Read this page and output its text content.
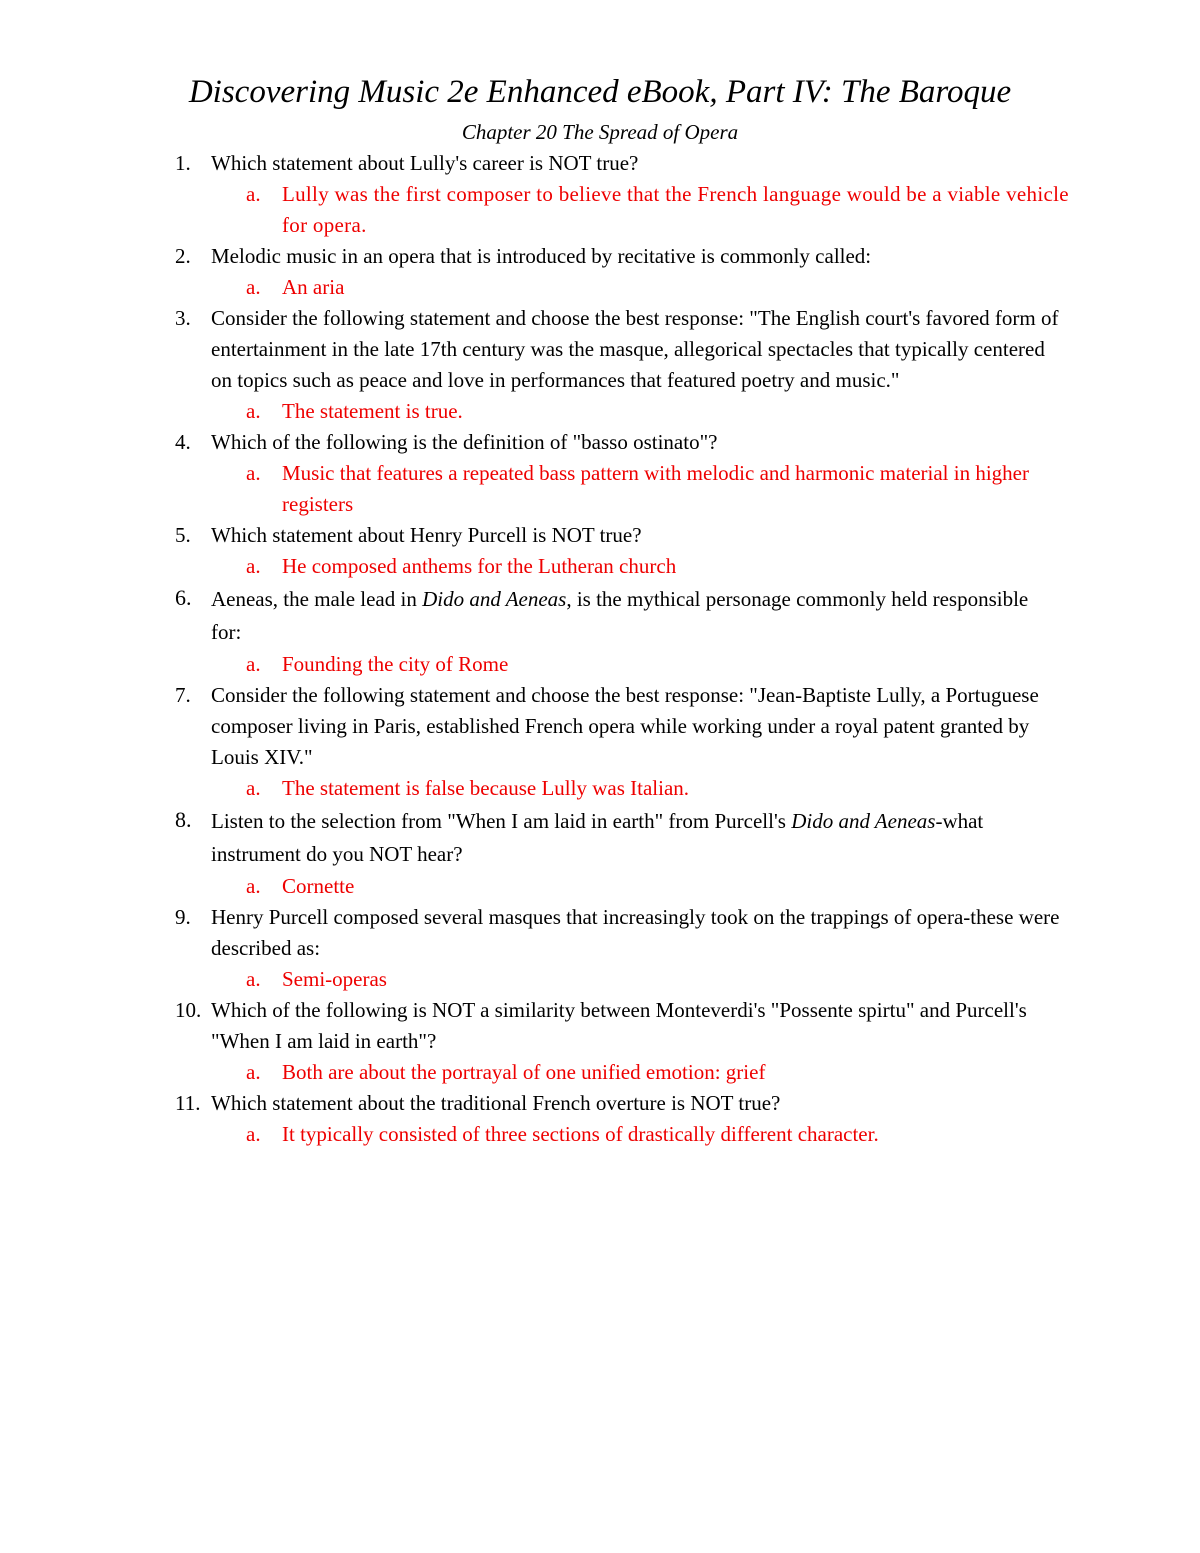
Discovering Music 2e Enhanced eBook, Part IV: The Baroque
Chapter 20 The Spread of Opera
1. Which statement about Lully's career is NOT true?
a. Lully was the first composer to believe that the French language would be a viable vehicle for opera.
2. Melodic music in an opera that is introduced by recitative is commonly called:
a. An aria
3. Consider the following statement and choose the best response: "The English court's favored form of entertainment in the late 17th century was the masque, allegorical spectacles that typically centered on topics such as peace and love in performances that featured poetry and music."
a. The statement is true.
4. Which of the following is the definition of "basso ostinato"?
a. Music that features a repeated bass pattern with melodic and harmonic material in higher registers
5. Which statement about Henry Purcell is NOT true?
a. He composed anthems for the Lutheran church
6. Aeneas, the male lead in Dido and Aeneas, is the mythical personage commonly held responsible for:
a. Founding the city of Rome
7. Consider the following statement and choose the best response: "Jean-Baptiste Lully, a Portuguese composer living in Paris, established French opera while working under a royal patent granted by Louis XIV."
a. The statement is false because Lully was Italian.
8. Listen to the selection from "When I am laid in earth" from Purcell's Dido and Aeneas-what instrument do you NOT hear?
a. Cornette
9. Henry Purcell composed several masques that increasingly took on the trappings of opera-these were described as:
a. Semi-operas
10. Which of the following is NOT a similarity between Monteverdi's "Possente spirtu" and Purcell's "When I am laid in earth"?
a. Both are about the portrayal of one unified emotion: grief
11. Which statement about the traditional French overture is NOT true?
a. It typically consisted of three sections of drastically different character.
